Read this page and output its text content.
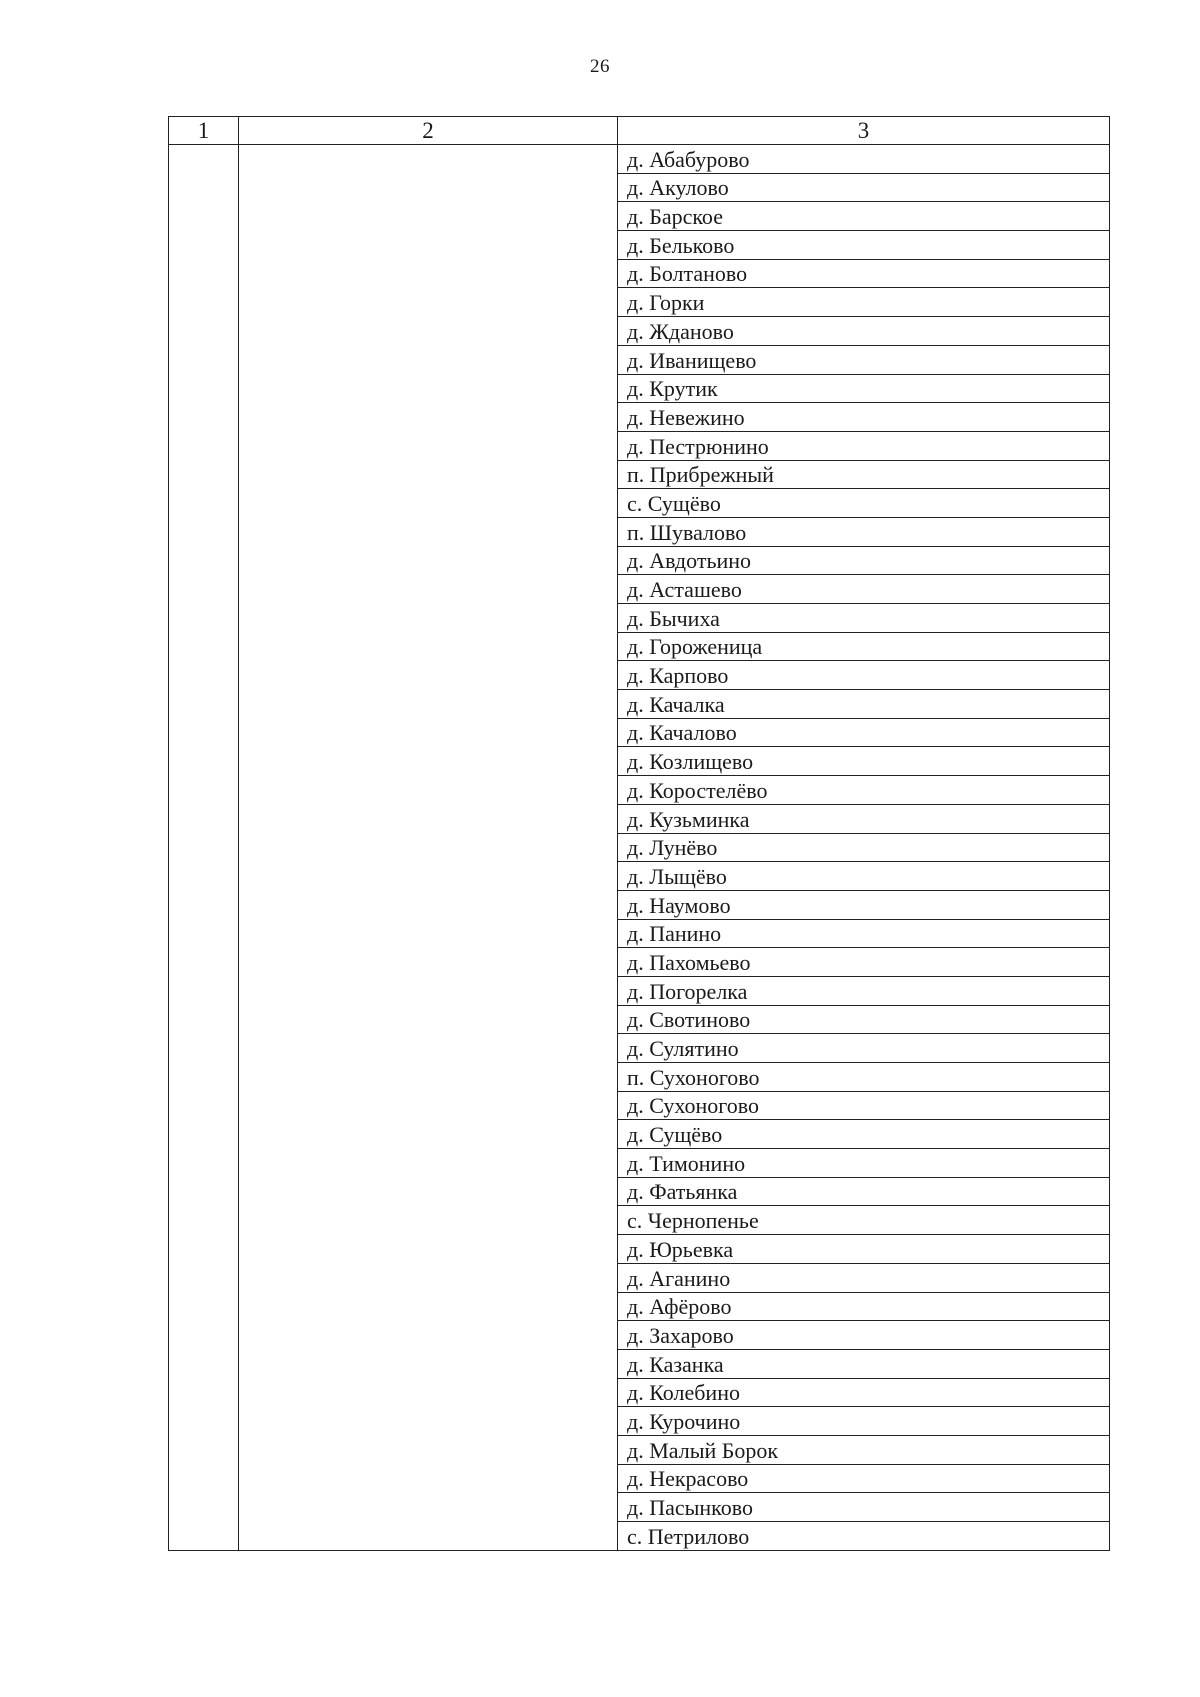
26
1	2	3
		д. Абабурово
		д. Акулово
		д. Барское
		д. Бельково
		д. Болтаново
		д. Горки
		д. Жданово
		д. Иванищево
		д. Крутик
		д. Невежино
		д. Пестрюнино
		п. Прибрежный
		с. Сущёво
		п. Шувалово
		д. Авдотьино
		д. Асташево
		д. Бычиха
		д. Гороженица
		д. Карпово
		д. Качалка
		д. Качалово
		д. Козлищево
		д. Коростелёво
		д. Кузьминка
		д. Лунёво
		д. Лыщёво
		д. Наумово
		д. Панино
		д. Пахомьево
		д. Погорелка
		д. Свотиново
		д. Сулятино
		п. Сухоногово
		д. Сухоногово
		д. Сущёво
		д. Тимонино
		д. Фатьянка
		с. Чернопенье
		д. Юрьевка
		д. Аганино
		д. Афёрово
		д. Захарово
		д. Казанка
		д. Колебино
		д. Курочино
		д. Малый Борок
		д. Некрасово
		д. Пасынково
		с. Петрилово
